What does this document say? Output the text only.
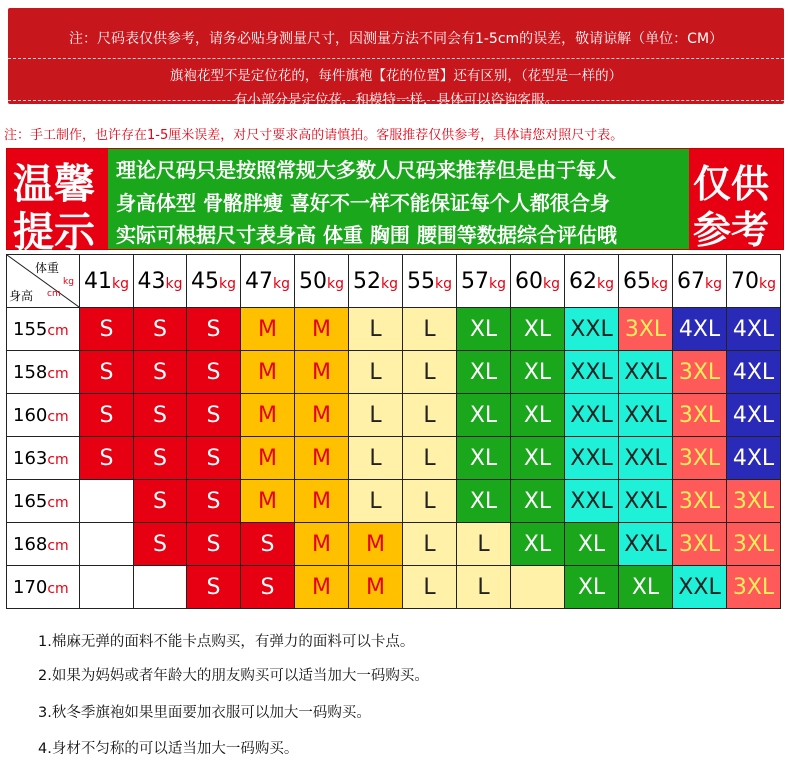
注：尺码表仅供参考，请务必贴身测量尺寸，因测量方法不同会有1-5cm的误差，敬请谅解（单位：CM）
旗袍花型不是定位花的，每件旗袍【花的位置】还有区别，（花型是一样的）
有小部分是定位花，和模特一样，具体可以咨询客服。
注：手工制作，也许存在1-5厘米误差，对尺寸要求高的请慎拍。客服推荐仅供参考，具体请您对照尺寸表。
温馨
提示
理论尺码只是按照常规大多数人尺码来推荐但是由于每人
身高体型 骨骼胖瘦 喜好不一样不能保证每个人都很合身
实际可根据尺寸表身高 体重 胸围 腰围等数据综合评估哦
仅供
参考
体重
kg
身高 cm	41kg	43kg	45kg	47kg	50kg	52kg	55kg	57kg	60kg	62kg	65kg	67kg	70kg
155cm	S	S	S	M	M	L	L	XL	XL	XXL	3XL	4XL	4XL
158cm	S	S	S	M	M	L	L	XL	XL	XXL	XXL	3XL	4XL
160cm	S	S	S	M	M	L	L	XL	XL	XXL	XXL	3XL	4XL
163cm	S	S	S	M	M	L	L	XL	XL	XXL	XXL	3XL	4XL
165cm		S	S	M	M	L	L	XL	XL	XXL	XXL	3XL	3XL
168cm		S	S	S	M	M	L	L	XL	XL	XXL	3XL	3XL
170cm			S	S	M	M	L	L		XL	XL	XXL	3XL
1.棉麻无弹的面料不能卡点购买，有弹力的面料可以卡点。
2.如果为妈妈或者年龄大的朋友购买可以适当加大一码购买。
3.秋冬季旗袍如果里面要加衣服可以加大一码购买。
4.身材不匀称的可以适当加大一码购买。
